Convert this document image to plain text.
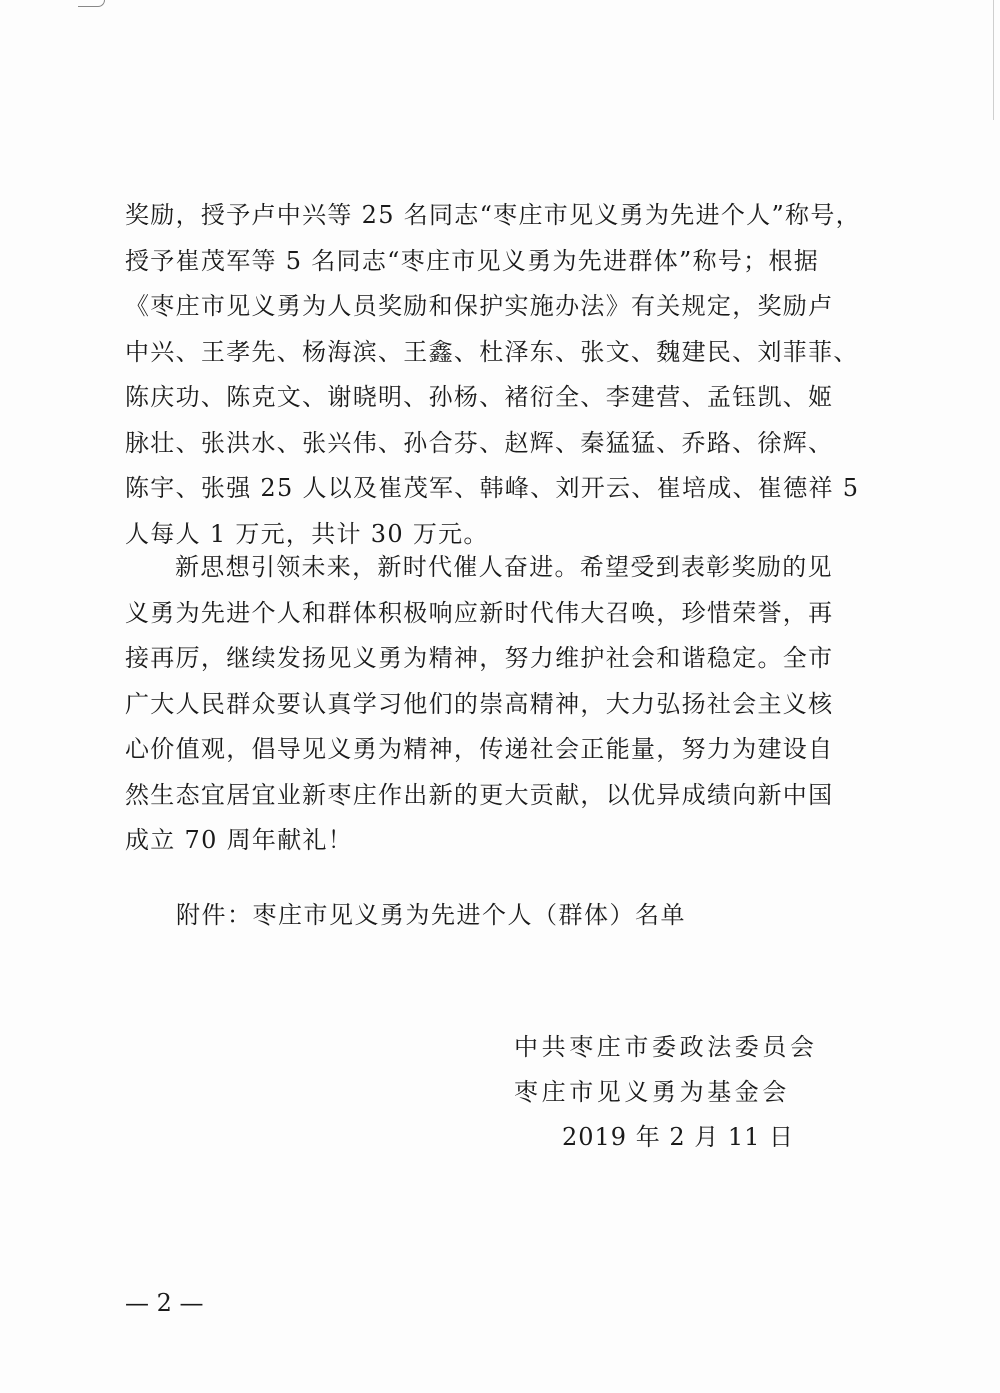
奖励，授予卢中兴等 25 名同志“枣庄市见义勇为先进个人”称号，
授予崔茂军等 5 名同志“枣庄市见义勇为先进群体”称号；根据
《枣庄市见义勇为人员奖励和保护实施办法》有关规定，奖励卢
中兴、王孝先、杨海滨、王鑫、杜泽东、张文、魏建民、刘菲菲、
陈庆功、陈克文、谢晓明、孙杨、褚衍全、李建营、孟钰凯、姬
脉壮、张洪水、张兴伟、孙合芬、赵辉、秦猛猛、乔路、徐辉、
陈宇、张强 25 人以及崔茂军、韩峰、刘开云、崔培成、崔德祥 5
人每人 1 万元，共计 30 万元。
新思想引领未来，新时代催人奋进。希望受到表彰奖励的见
义勇为先进个人和群体积极响应新时代伟大召唤，珍惜荣誉，再
接再厉，继续发扬见义勇为精神，努力维护社会和谐稳定。全市
广大人民群众要认真学习他们的崇高精神，大力弘扬社会主义核
心价值观，倡导见义勇为精神，传递社会正能量，努力为建设自
然生态宜居宜业新枣庄作出新的更大贡献，以优异成绩向新中国
成立 70 周年献礼！
附件：枣庄市见义勇为先进个人（群体）名单
中共枣庄市委政法委员会
枣庄市见义勇为基金会
2019 年 2 月 11 日
— 2 —
